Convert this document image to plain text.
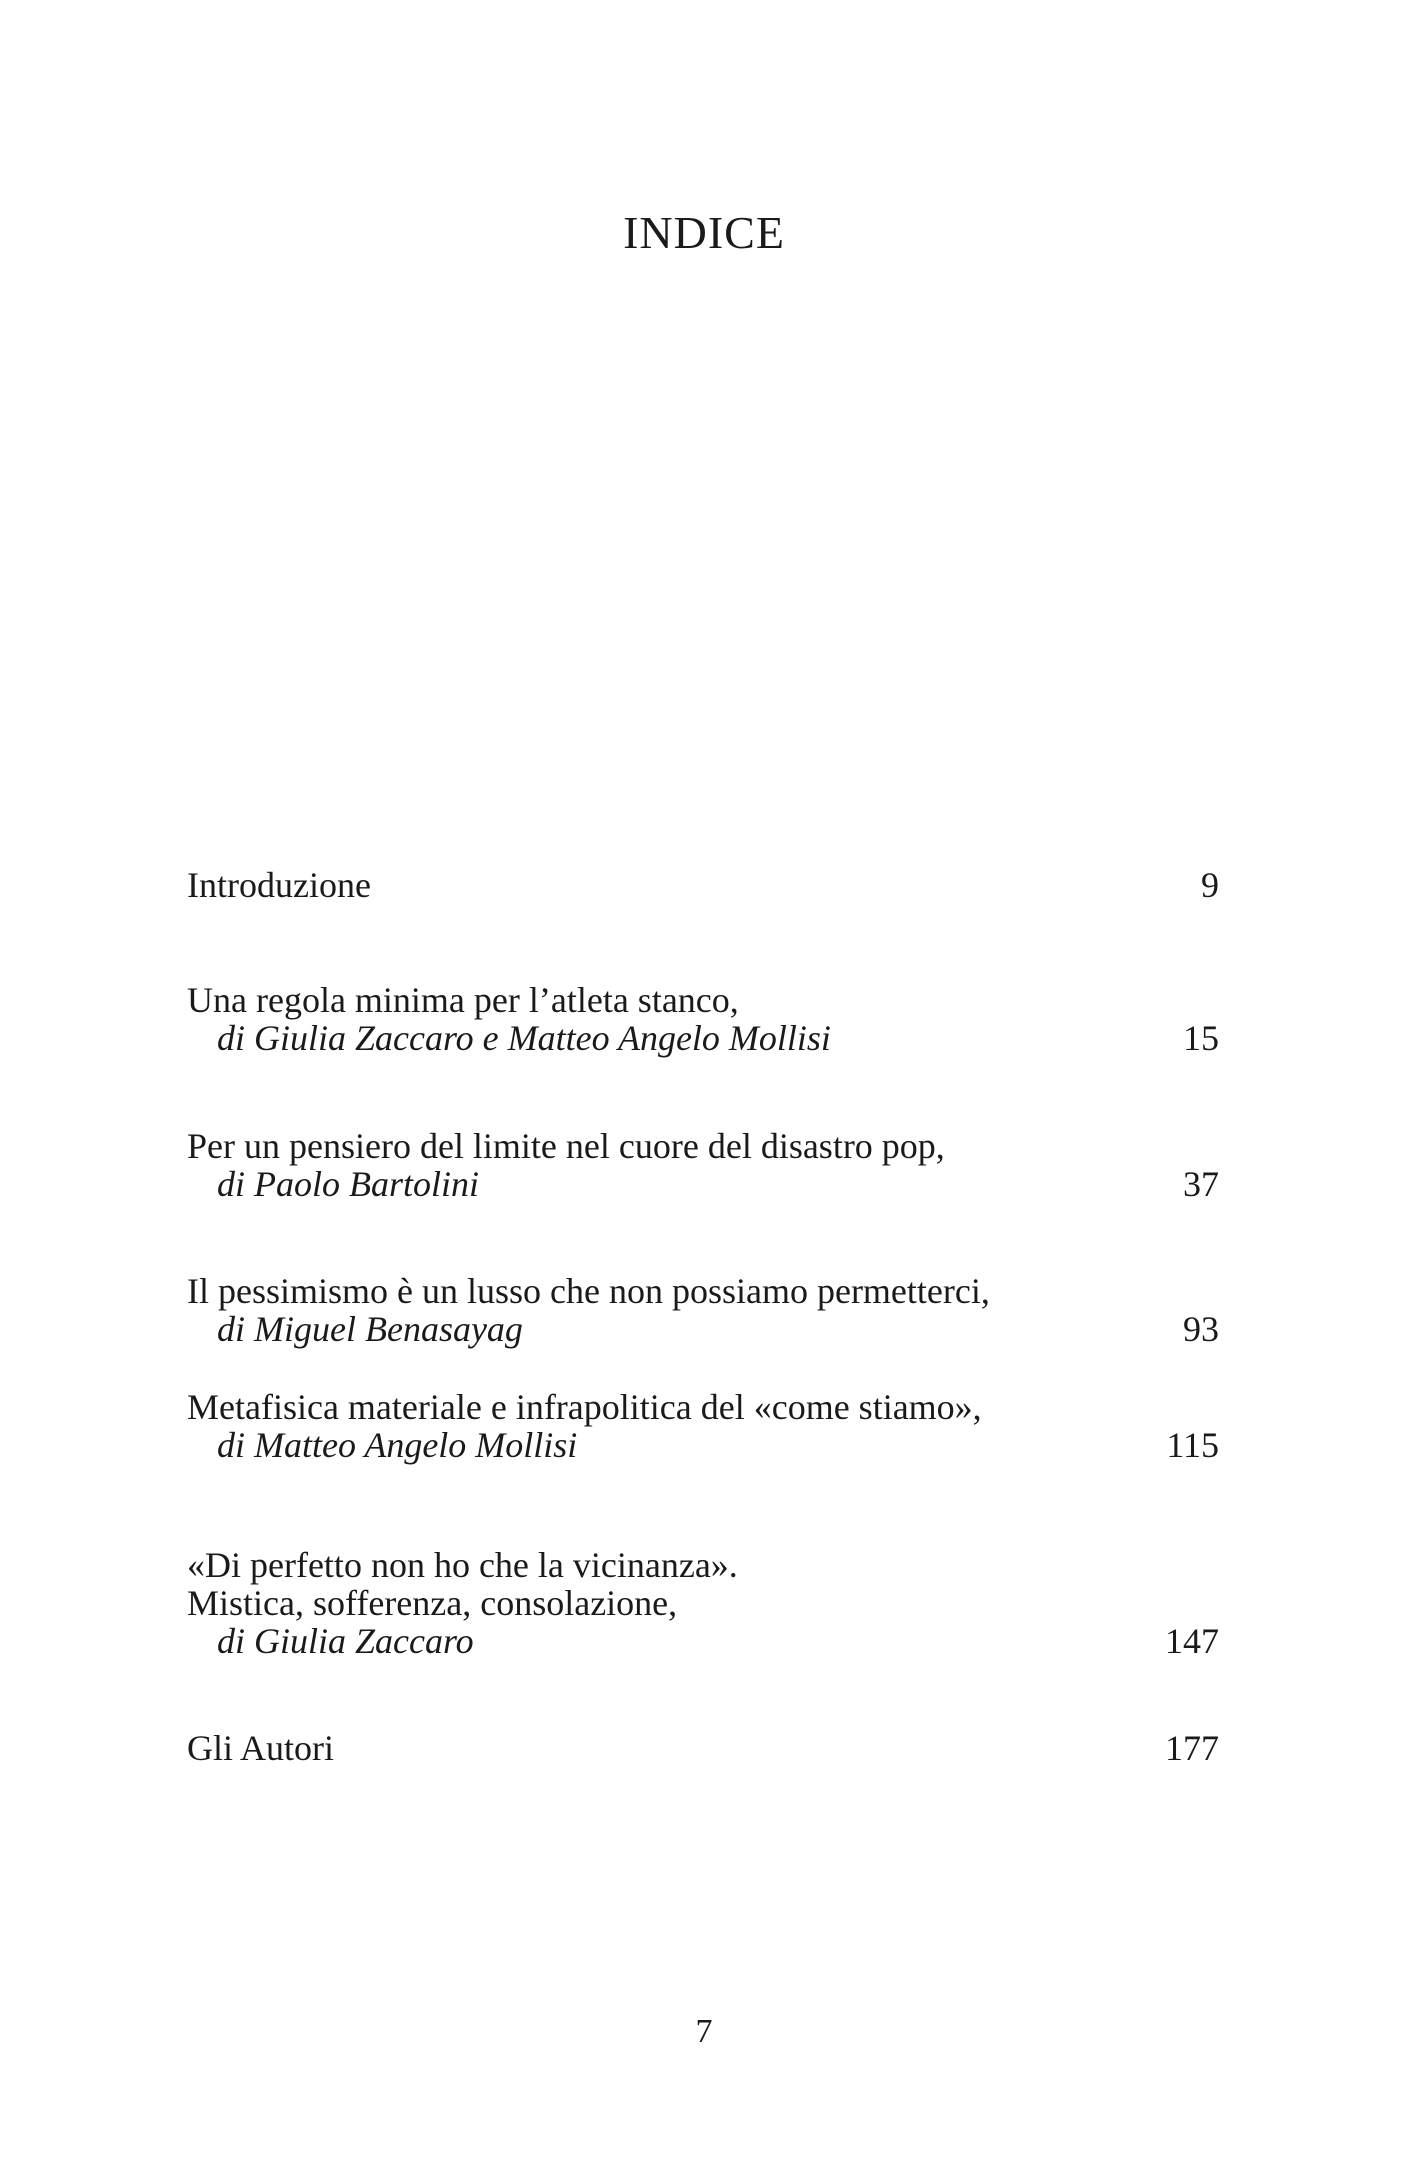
INDICE
Introduzione	9
Una regola minima per l’atleta stanco,
di Giulia Zaccaro e Matteo Angelo Mollisi	15
Per un pensiero del limite nel cuore del disastro pop,
di Paolo Bartolini	37
Il pessimismo è un lusso che non possiamo permetterci,
di Miguel Benasayag	93
Metafisica materiale e infrapolitica del «come stiamo»,
di Matteo Angelo Mollisi	115
«Di perfetto non ho che la vicinanza».
Mistica, sofferenza, consolazione,
di Giulia Zaccaro	147
Gli Autori	177
7
